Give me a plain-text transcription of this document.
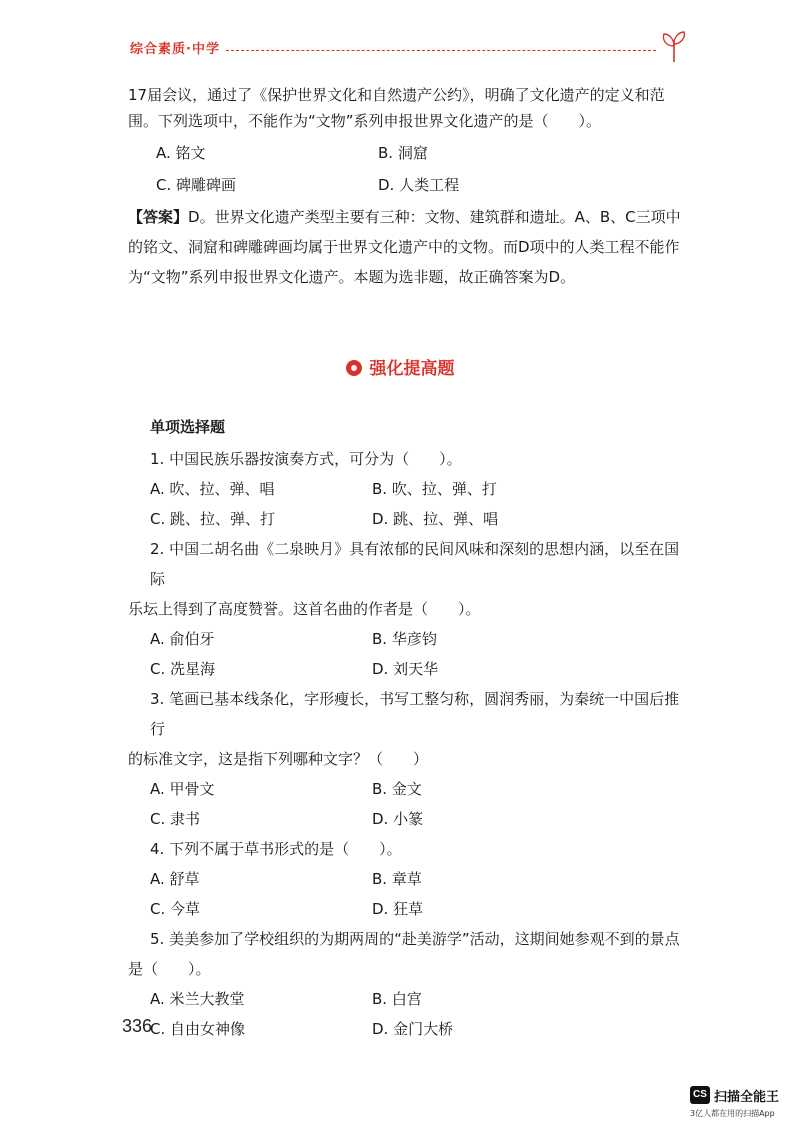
综合素质·中学

17届会议，通过了《保护世界文化和自然遗产公约》，明确了文化遗产的定义和范围。下列选项中，不能作为“文物”系列申报世界文化遗产的是（　　）。

A. 铭文	B. 洞窟
C. 碑雕碑画	D. 人类工程

【答案】D。世界文化遗产类型主要有三种：文物、建筑群和遗址。A、B、C三项中的铭文、洞窟和碑雕碑画均属于世界文化遗产中的文物。而D项中的人类工程不能作为“文物”系列申报世界文化遗产。本题为选非题，故正确答案为D。

强化提高题

单项选择题

1. 中国民族乐器按演奏方式，可分为（　　）。

A. 吹、拉、弹、唱	B. 吹、拉、弹、打
C. 跳、拉、弹、打	D. 跳、拉、弹、唱

2. 中国二胡名曲《二泉映月》具有浓郁的民间风味和深刻的思想内涵，以至在国际

乐坛上得到了高度赞誉。这首名曲的作者是（　　）。

A. 俞伯牙	B. 华彦钧
C. 冼星海	D. 刘天华

3. 笔画已基本线条化，字形瘦长，书写工整匀称，圆润秀丽，为秦统一中国后推行

的标准文字，这是指下列哪种文字？（　　）

A. 甲骨文	B. 金文
C. 隶书	D. 小篆

4. 下列不属于草书形式的是（　　）。

A. 舒草	B. 章草
C. 今草	D. 狂草

5. 美美参加了学校组织的为期两周的“赴美游学”活动，这期间她参观不到的景点

是（　　）。

A. 米兰大教堂	B. 白宫
C. 自由女神像	D. 金门大桥
336
CS 扫描全能王
3亿人都在用的扫描App
